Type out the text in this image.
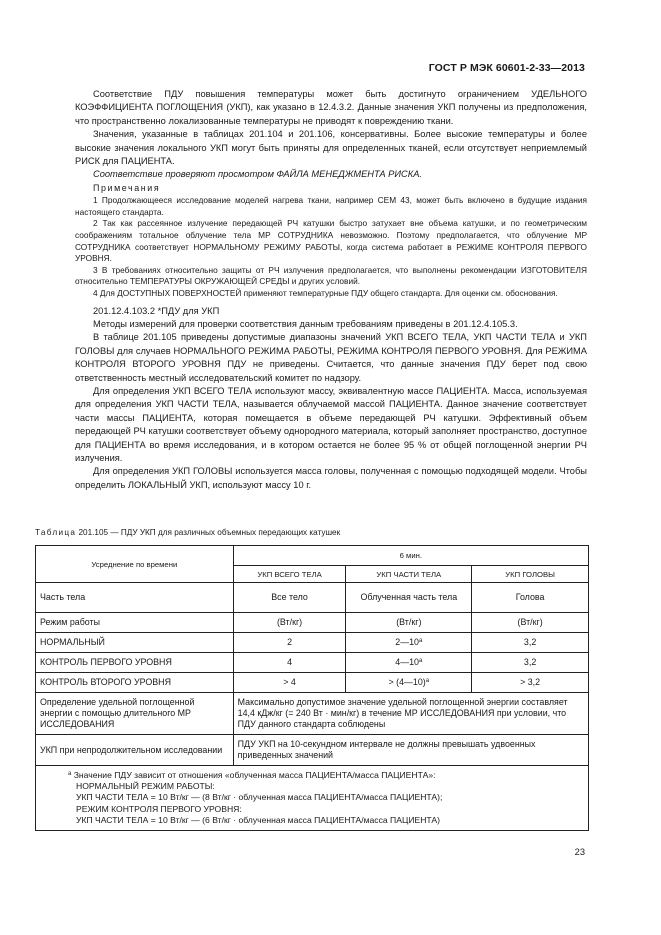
ГОСТ Р МЭК 60601-2-33—2013

Соответствие ПДУ повышения температуры может быть достигнуто ограничением УДЕЛЬНОГО КОЭФФИЦИЕНТА ПОГЛОЩЕНИЯ (УКП), как указано в 12.4.3.2. Данные значения УКП получены из предположения, что пространственно локализованные температуры не приводят к повреждению ткани.

Значения, указанные в таблицах 201.104 и 201.106, консервативны. Более высокие температуры и более высокие значения локального УКП могут быть приняты для определенных тканей, если отсутствует неприемлемый РИСК для ПАЦИЕНТА.

Соответствие проверяют просмотром ФАЙЛА МЕНЕДЖМЕНТА РИСКА.

Примечания

1 Продолжающееся исследование моделей нагрева ткани, например CEM 43, может быть включено в будущие издания настоящего стандарта.

2 Так как рассеянное излучение передающей РЧ катушки быстро затухает вне объема катушки, и по геометрическим соображениям тотальное облучение тела МР СОТРУДНИКА невозможно. Поэтому предполагается, что облучение МР СОТРУДНИКА соответствует НОРМАЛЬНОМУ РЕЖИМУ РАБОТЫ, когда система работает в РЕЖИМЕ КОНТРОЛЯ ПЕРВОГО УРОВНЯ.

3 В требованиях относительно защиты от РЧ излучения предполагается, что выполнены рекомендации ИЗГОТОВИТЕЛЯ относительно ТЕМПЕРАТУРЫ ОКРУЖАЮЩЕЙ СРЕДЫ и других условий.

4 Для ДОСТУПНЫХ ПОВЕРХНОСТЕЙ применяют температурные ПДУ общего стандарта. Для оценки см. обоснования.

201.12.4.103.2 *ПДУ для УКП

Методы измерений для проверки соответствия данным требованиям приведены в 201.12.4.105.3.

В таблице 201.105 приведены допустимые диапазоны значений УКП ВСЕГО ТЕЛА, УКП ЧАСТИ ТЕЛА и УКП ГОЛОВЫ для случаев НОРМАЛЬНОГО РЕЖИМА РАБОТЫ, РЕЖИМА КОНТРОЛЯ ПЕРВОГО УРОВНЯ. Для РЕЖИМА КОНТРОЛЯ ВТОРОГО УРОВНЯ ПДУ не приведены. Считается, что данные значения ПДУ берет под свою ответственность местный исследовательский комитет по надзору.

Для определения УКП ВСЕГО ТЕЛА используют массу, эквивалентную массе ПАЦИЕНТА. Масса, используемая для определения УКП ЧАСТИ ТЕЛА, называется облучаемой массой ПАЦИЕНТА. Данное значение соответствует части массы ПАЦИЕНТА, которая помещается в объеме передающей РЧ катушки. Эффективный объем передающей РЧ катушки соответствует объему однородного материала, который заполняет пространство, доступное для ПАЦИЕНТА во время исследования, и в котором остается не более 95 % от общей поглощенной энергии РЧ излучения.

Для определения УКП ГОЛОВЫ используется масса головы, полученная с помощью подходящей модели. Чтобы определить ЛОКАЛЬНЫЙ УКП, используют массу 10 г.

Таблица 201.105 — ПДУ УКП для различных объемных передающих катушек
Усреднение по времени	6 мин.		
	УКП ВСЕГО ТЕЛА	УКП ЧАСТИ ТЕЛА	УКП ГОЛОВЫ
Часть тела	Все тело	Облученная часть тела	Голова
Режим работы	(Вт/кг)	(Вт/кг)	(Вт/кг)
НОРМАЛЬНЫЙ	2	2—10$^a$	3,2
КОНТРОЛЬ ПЕРВОГО УРОВНЯ	4	4—10$^a$	3,2
КОНТРОЛЬ ВТОРОГО УРОВНЯ	> 4	> (4—10)$^a$	> 3,2
Определение удельной поглощенной энергии с помощью длительного МР ИССЛЕДОВАНИЯ	Максимально допустимое значение удельной поглощенной энергии составляет 14,4 кДж/кг (= 240 Вт · мин/кг) в течение МР ИССЛЕДОВАНИЯ при условии, что ПДУ данного стандарта соблюдены		
УКП при непродолжительном исследовании	ПДУ УКП на 10-секундном интервале не должны превышать удвоенных приведенных значений		

$^a$ Значение ПДУ зависит от отношения «облученная масса ПАЦИЕНТА/масса ПАЦИЕНТА»:
НОРМАЛЬНЫЙ РЕЖИМ РАБОТЫ:
УКП ЧАСТИ ТЕЛА = 10 Вт/кг — (8 Вт/кг · облученная масса ПАЦИЕНТА/масса ПАЦИЕНТА);
РЕЖИМ КОНТРОЛЯ ПЕРВОГО УРОВНЯ:
УКП ЧАСТИ ТЕЛА = 10 Вт/кг — (6 Вт/кг · облученная масса ПАЦИЕНТА/масса ПАЦИЕНТА)			
23
